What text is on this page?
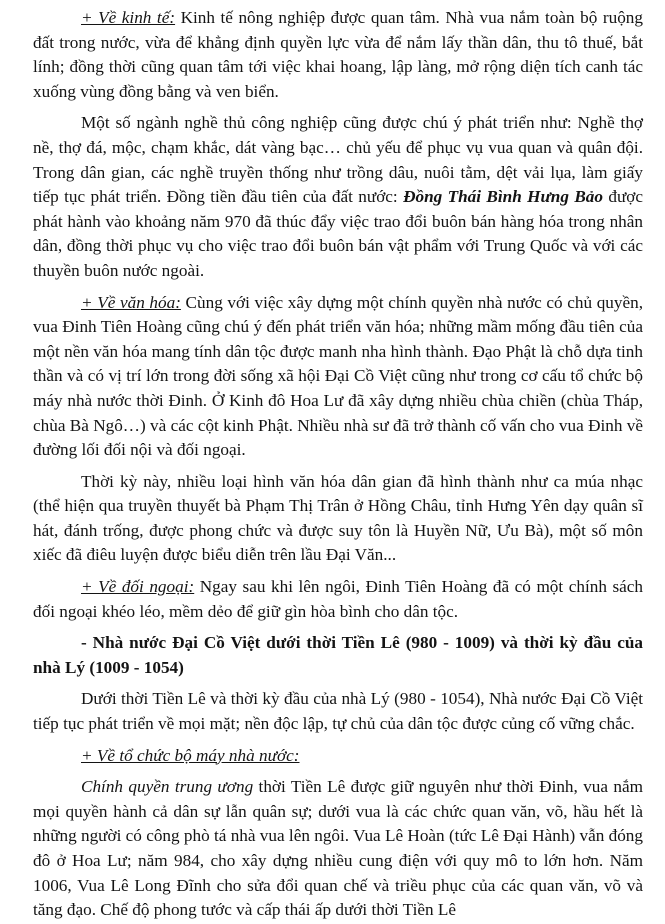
+ Về kinh tế: Kinh tế nông nghiệp được quan tâm. Nhà vua nắm toàn bộ ruộng đất trong nước, vừa để khẳng định quyền lực vừa để nắm lấy thần dân, thu tô thuế, bắt lính; đồng thời cũng quan tâm tới việc khai hoang, lập làng, mở rộng diện tích canh tác xuống vùng đồng bằng và ven biển.

Một số ngành nghề thủ công nghiệp cũng được chú ý phát triển như: Nghề thợ nề, thợ đá, mộc, chạm khắc, dát vàng bạc… chủ yếu để phục vụ vua quan và quân đội. Trong dân gian, các nghề truyền thống như trồng dâu, nuôi tằm, dệt vải lụa, làm giấy tiếp tục phát triển. Đồng tiền đầu tiên của đất nước: Đồng Thái Bình Hưng Bảo được phát hành vào khoảng năm 970 đã thúc đẩy việc trao đổi buôn bán hàng hóa trong nhân dân, đồng thời phục vụ cho việc trao đổi buôn bán vật phẩm với Trung Quốc và với các thuyền buôn nước ngoài.

+ Về văn hóa: Cùng với việc xây dựng một chính quyền nhà nước có chủ quyền, vua Đinh Tiên Hoàng cũng chú ý đến phát triển văn hóa; những mầm mống đầu tiên của một nền văn hóa mang tính dân tộc được manh nha hình thành. Đạo Phật là chỗ dựa tinh thần và có vị trí lớn trong đời sống xã hội Đại Cồ Việt cũng như trong cơ cấu tổ chức bộ máy nhà nước thời Đinh. Ở Kinh đô Hoa Lư đã xây dựng nhiều chùa chiền (chùa Tháp, chùa Bà Ngô…) và các cột kinh Phật. Nhiều nhà sư đã trở thành cố vấn cho vua Đinh về đường lối đối nội và đối ngoại.

Thời kỳ này, nhiều loại hình văn hóa dân gian đã hình thành như ca múa nhạc (thể hiện qua truyền thuyết bà Phạm Thị Trân ở Hồng Châu, tỉnh Hưng Yên dạy quân sĩ hát, đánh trống, được phong chức và được suy tôn là Huyền Nữ, Ưu Bà), một số môn xiếc đã điêu luyện được biểu diễn trên lầu Đại Văn...

+ Về đối ngoại: Ngay sau khi lên ngôi, Đinh Tiên Hoàng đã có một chính sách đối ngoại khéo léo, mềm dẻo để giữ gìn hòa bình cho dân tộc.

- Nhà nước Đại Cồ Việt dưới thời Tiền Lê (980 - 1009) và thời kỳ đầu của nhà Lý (1009 - 1054)

Dưới thời Tiền Lê và thời kỳ đầu của nhà Lý (980 - 1054), Nhà nước Đại Cồ Việt tiếp tục phát triển về mọi mặt; nền độc lập, tự chủ của dân tộc được củng cố vững chắc.

+ Về tổ chức bộ máy nhà nước:

Chính quyền trung ương thời Tiền Lê được giữ nguyên như thời Đinh, vua nắm mọi quyền hành cả dân sự lẫn quân sự; dưới vua là các chức quan văn, võ, hầu hết là những người có công phò tá nhà vua lên ngôi. Vua Lê Hoàn (tức Lê Đại Hành) vẫn đóng đô ở Hoa Lư; năm 984, cho xây dựng nhiều cung điện với quy mô to lớn hơn. Năm 1006, Vua Lê Long Đĩnh cho sửa đổi quan chế và triều phục của các quan văn, võ và tăng đạo. Chế độ phong tước và cấp thái ấp dưới thời Tiền Lê
